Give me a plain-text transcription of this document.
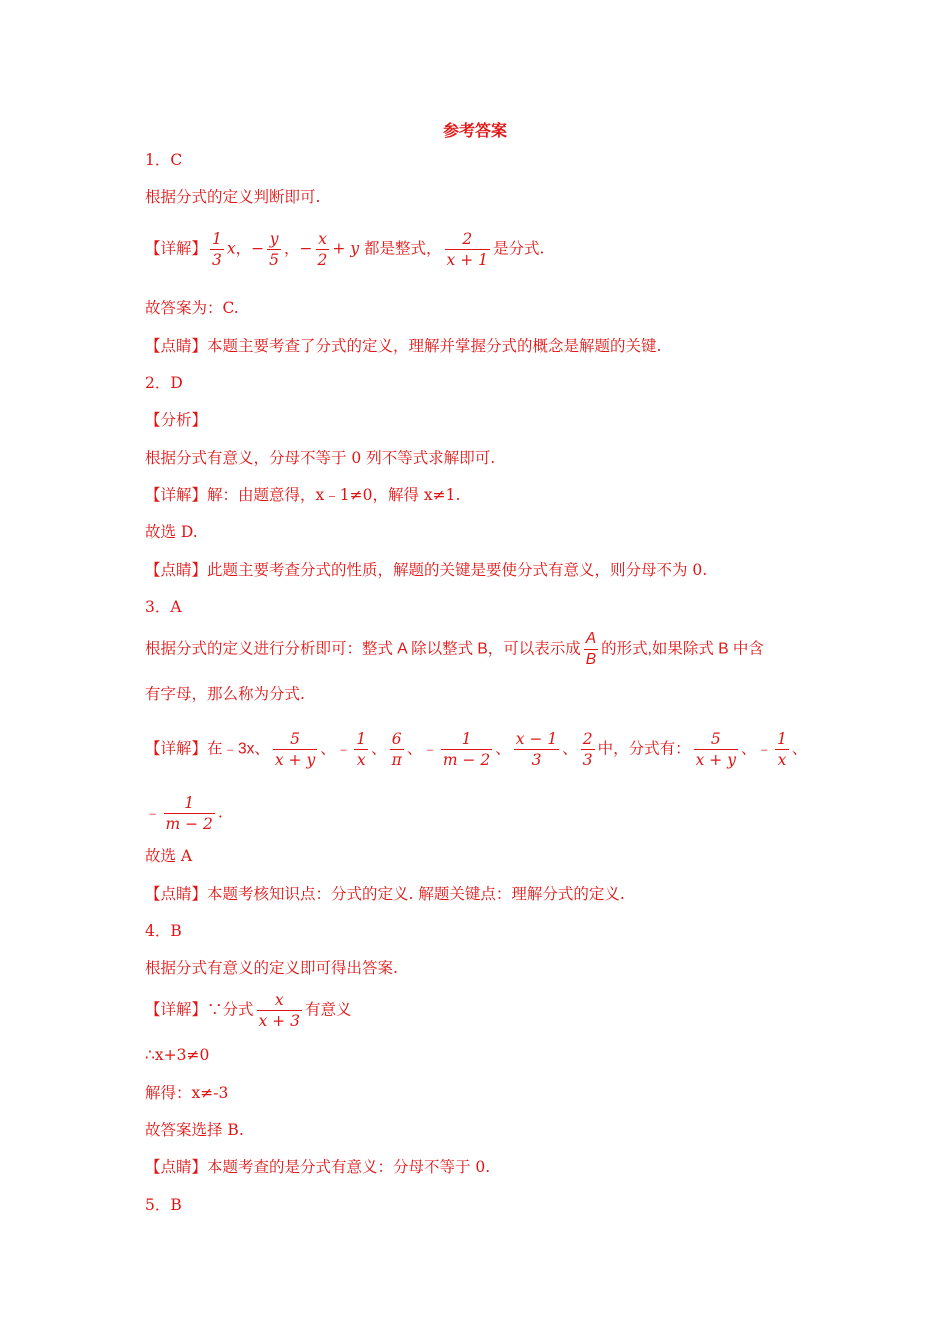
参考答案
1．C
根据分式的定义判断即可.
【详解】 $\frac{1}{3}$ x，− $\frac{y}{5}$ ，− $\frac{x}{2} + y$ 都是整式， $\frac{2}{x + 1}$ 是分式.
故答案为：C.
【点睛】本题主要考查了分式的定义，理解并掌握分式的概念是解题的关键.
2．D
【分析】
根据分式有意义，分母不等于 0 列不等式求解即可.
【详解】解：由题意得，x﹣1≠0，解得 x≠1.
故选 D.
【点睛】此题主要考查分式的性质，解题的关键是要使分式有意义，则分母不为 0.
3．A
根据分式的定义进行分析即可：整式 A 除以整式 B，可以表示成 $\frac{A}{B}$ 的形式,如果除式 B 中含
有字母，那么称为分式.
【详解】在﹣3x、 $\frac{5}{x + y}$ 、﹣ $\frac{1}{x}$ 、 $\frac{6}{\pi}$ 、﹣ $\frac{1}{m - 2}$ 、 $\frac{x - 1}{3}$ 、 $\frac{2}{3}$ 中，分式有： $\frac{5}{x + y}$ 、﹣ $\frac{1}{x}$ 、
﹣ $\frac{1}{m - 2}$ .
故选 A
【点睛】本题考核知识点：分式的定义. 解题关键点：理解分式的定义.
4．B
根据分式有意义的定义即可得出答案.
【详解】∵分式 $\frac{x}{x + 3}$ 有意义
∴x+3≠0
解得：x≠-3
故答案选择 B.
【点睛】本题考查的是分式有意义：分母不等于 0.
5．B
